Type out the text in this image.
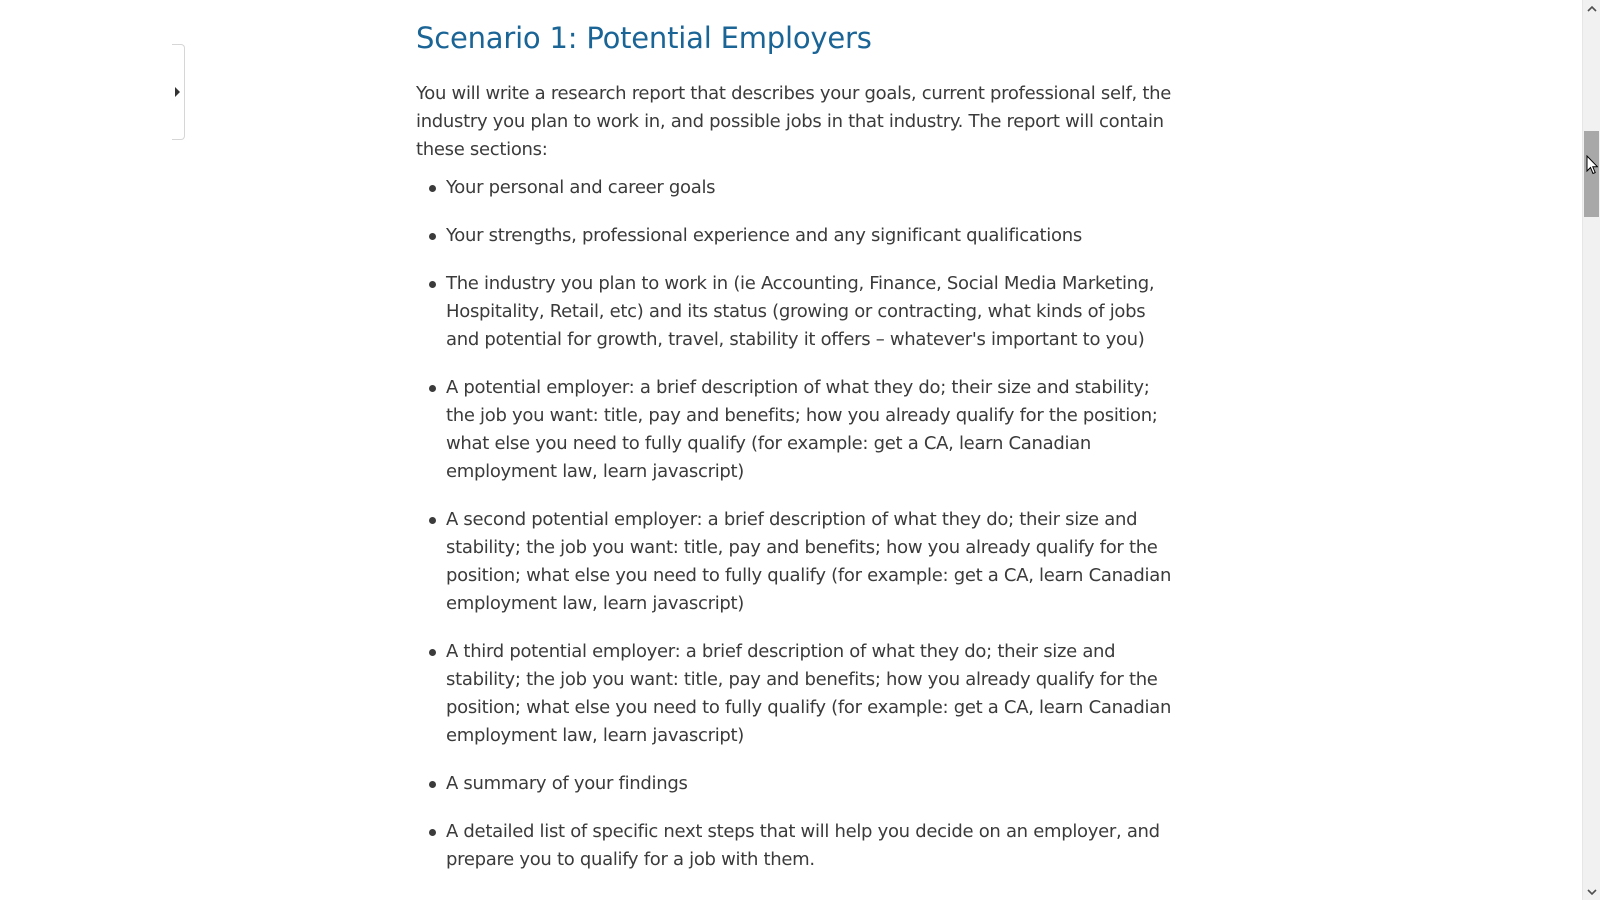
Scenario 1: Potential Employers

You will write a research report that describes your goals, current professional self, the industry you plan to work in, and possible jobs in that industry. The report will contain these sections:

Your personal and career goals
Your strengths, professional experience and any significant qualifications
The industry you plan to work in (ie Accounting, Finance, Social Media Marketing, Hospitality, Retail, etc) and its status (growing or contracting, what kinds of jobs and potential for growth, travel, stability it offers – whatever's important to you)
A potential employer: a brief description of what they do; their size and stability; the job you want: title, pay and benefits; how you already qualify for the position; what else you need to fully qualify (for example: get a CA, learn Canadian employment law, learn javascript)
A second potential employer: a brief description of what they do; their size and stability; the job you want: title, pay and benefits; how you already qualify for the position; what else you need to fully qualify (for example: get a CA, learn Canadian employment law, learn javascript)
A third potential employer: a brief description of what they do; their size and stability; the job you want: title, pay and benefits; how you already qualify for the position; what else you need to fully qualify (for example: get a CA, learn Canadian employment law, learn javascript)
A summary of your findings
A detailed list of specific next steps that will help you decide on an employer, and prepare you to qualify for a job with them.
